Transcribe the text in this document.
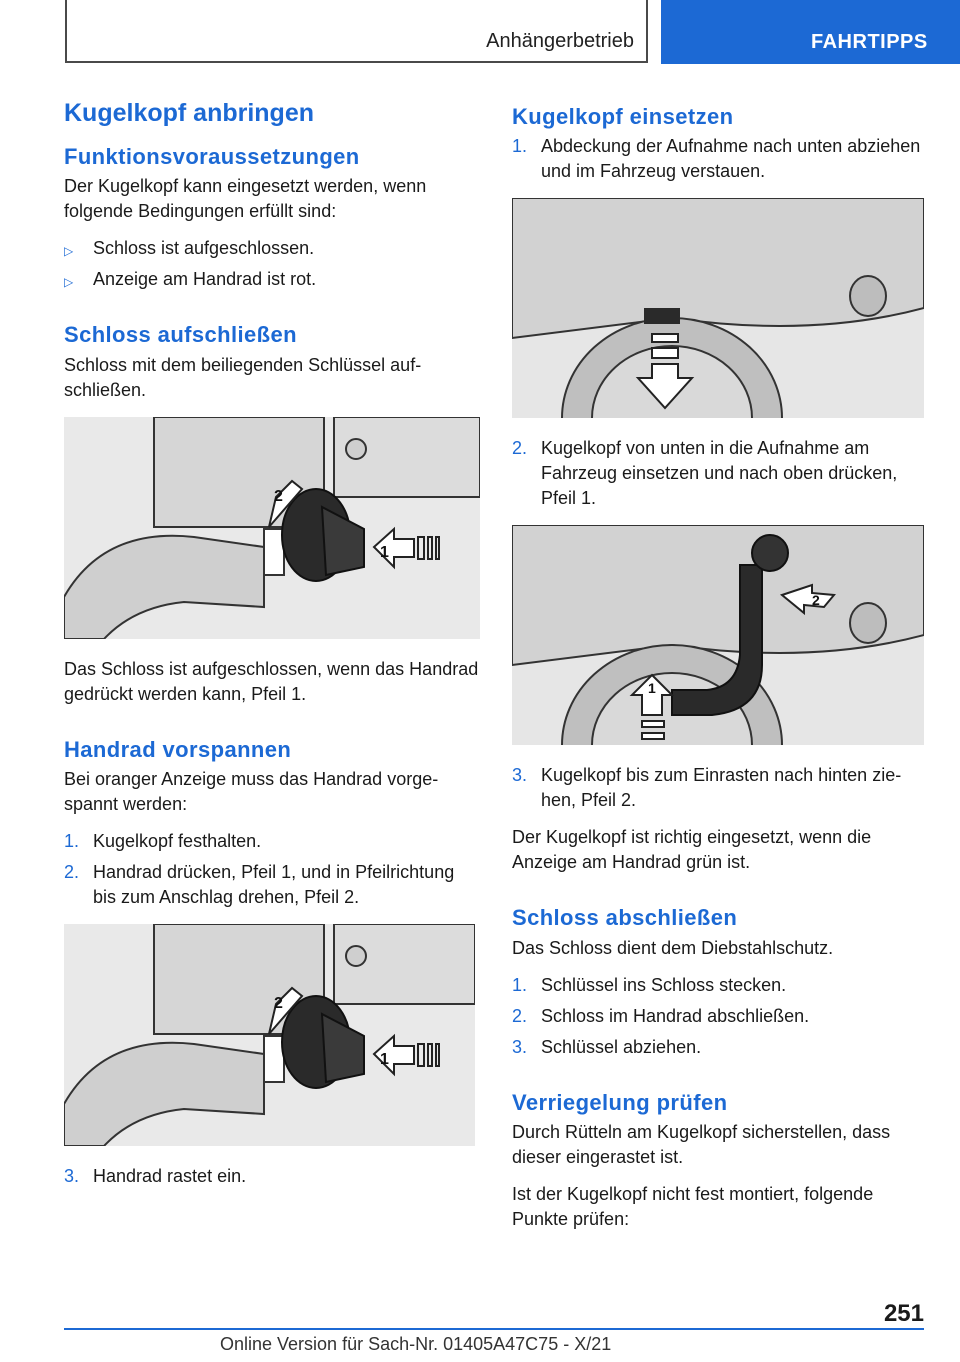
Anhängerbetrieb	FAHRTIPPS
Kugelkopf anbringen
Funktionsvoraussetzungen

Der Kugelkopf kann eingesetzt werden, wenn folgende Bedingungen erfüllt sind:

▷ Schloss ist aufgeschlossen.
▷ Anzeige am Handrad ist rot.
Schloss aufschließen

Schloss mit dem beiliegenden Schlüssel aufschließen.

1
2

Das Schloss ist aufgeschlossen, wenn das Handrad gedrückt werden kann, Pfeil 1.

Handrad vorspannen

Bei oranger Anzeige muss das Handrad vorgespannt werden:

1. Kugelkopf festhalten.
2. Handrad drücken, Pfeil 1, und in Pfeilrichtung bis zum Anschlag drehen, Pfeil 2.
1
2
3. Handrad rastet ein.
Kugelkopf einsetzen
1. Abdeckung der Aufnahme nach unten abziehen und im Fahrzeug verstauen.
2. Kugelkopf von unten in die Aufnahme am Fahrzeug einsetzen und nach oben drücken, Pfeil 1.
2
1
3. Kugelkopf bis zum Einrasten nach hinten ziehen, Pfeil 2.

Der Kugelkopf ist richtig eingesetzt, wenn die Anzeige am Handrad grün ist.

Schloss abschließen

Das Schloss dient dem Diebstahlschutz.

1. Schlüssel ins Schloss stecken.
2. Schloss im Handrad abschließen.
3. Schlüssel abziehen.
Verriegelung prüfen

Durch Rütteln am Kugelkopf sicherstellen, dass dieser eingerastet ist.

Ist der Kugelkopf nicht fest montiert, folgende Punkte prüfen:

251
Online Version für Sach-Nr. 01405A47C75 - X/21
